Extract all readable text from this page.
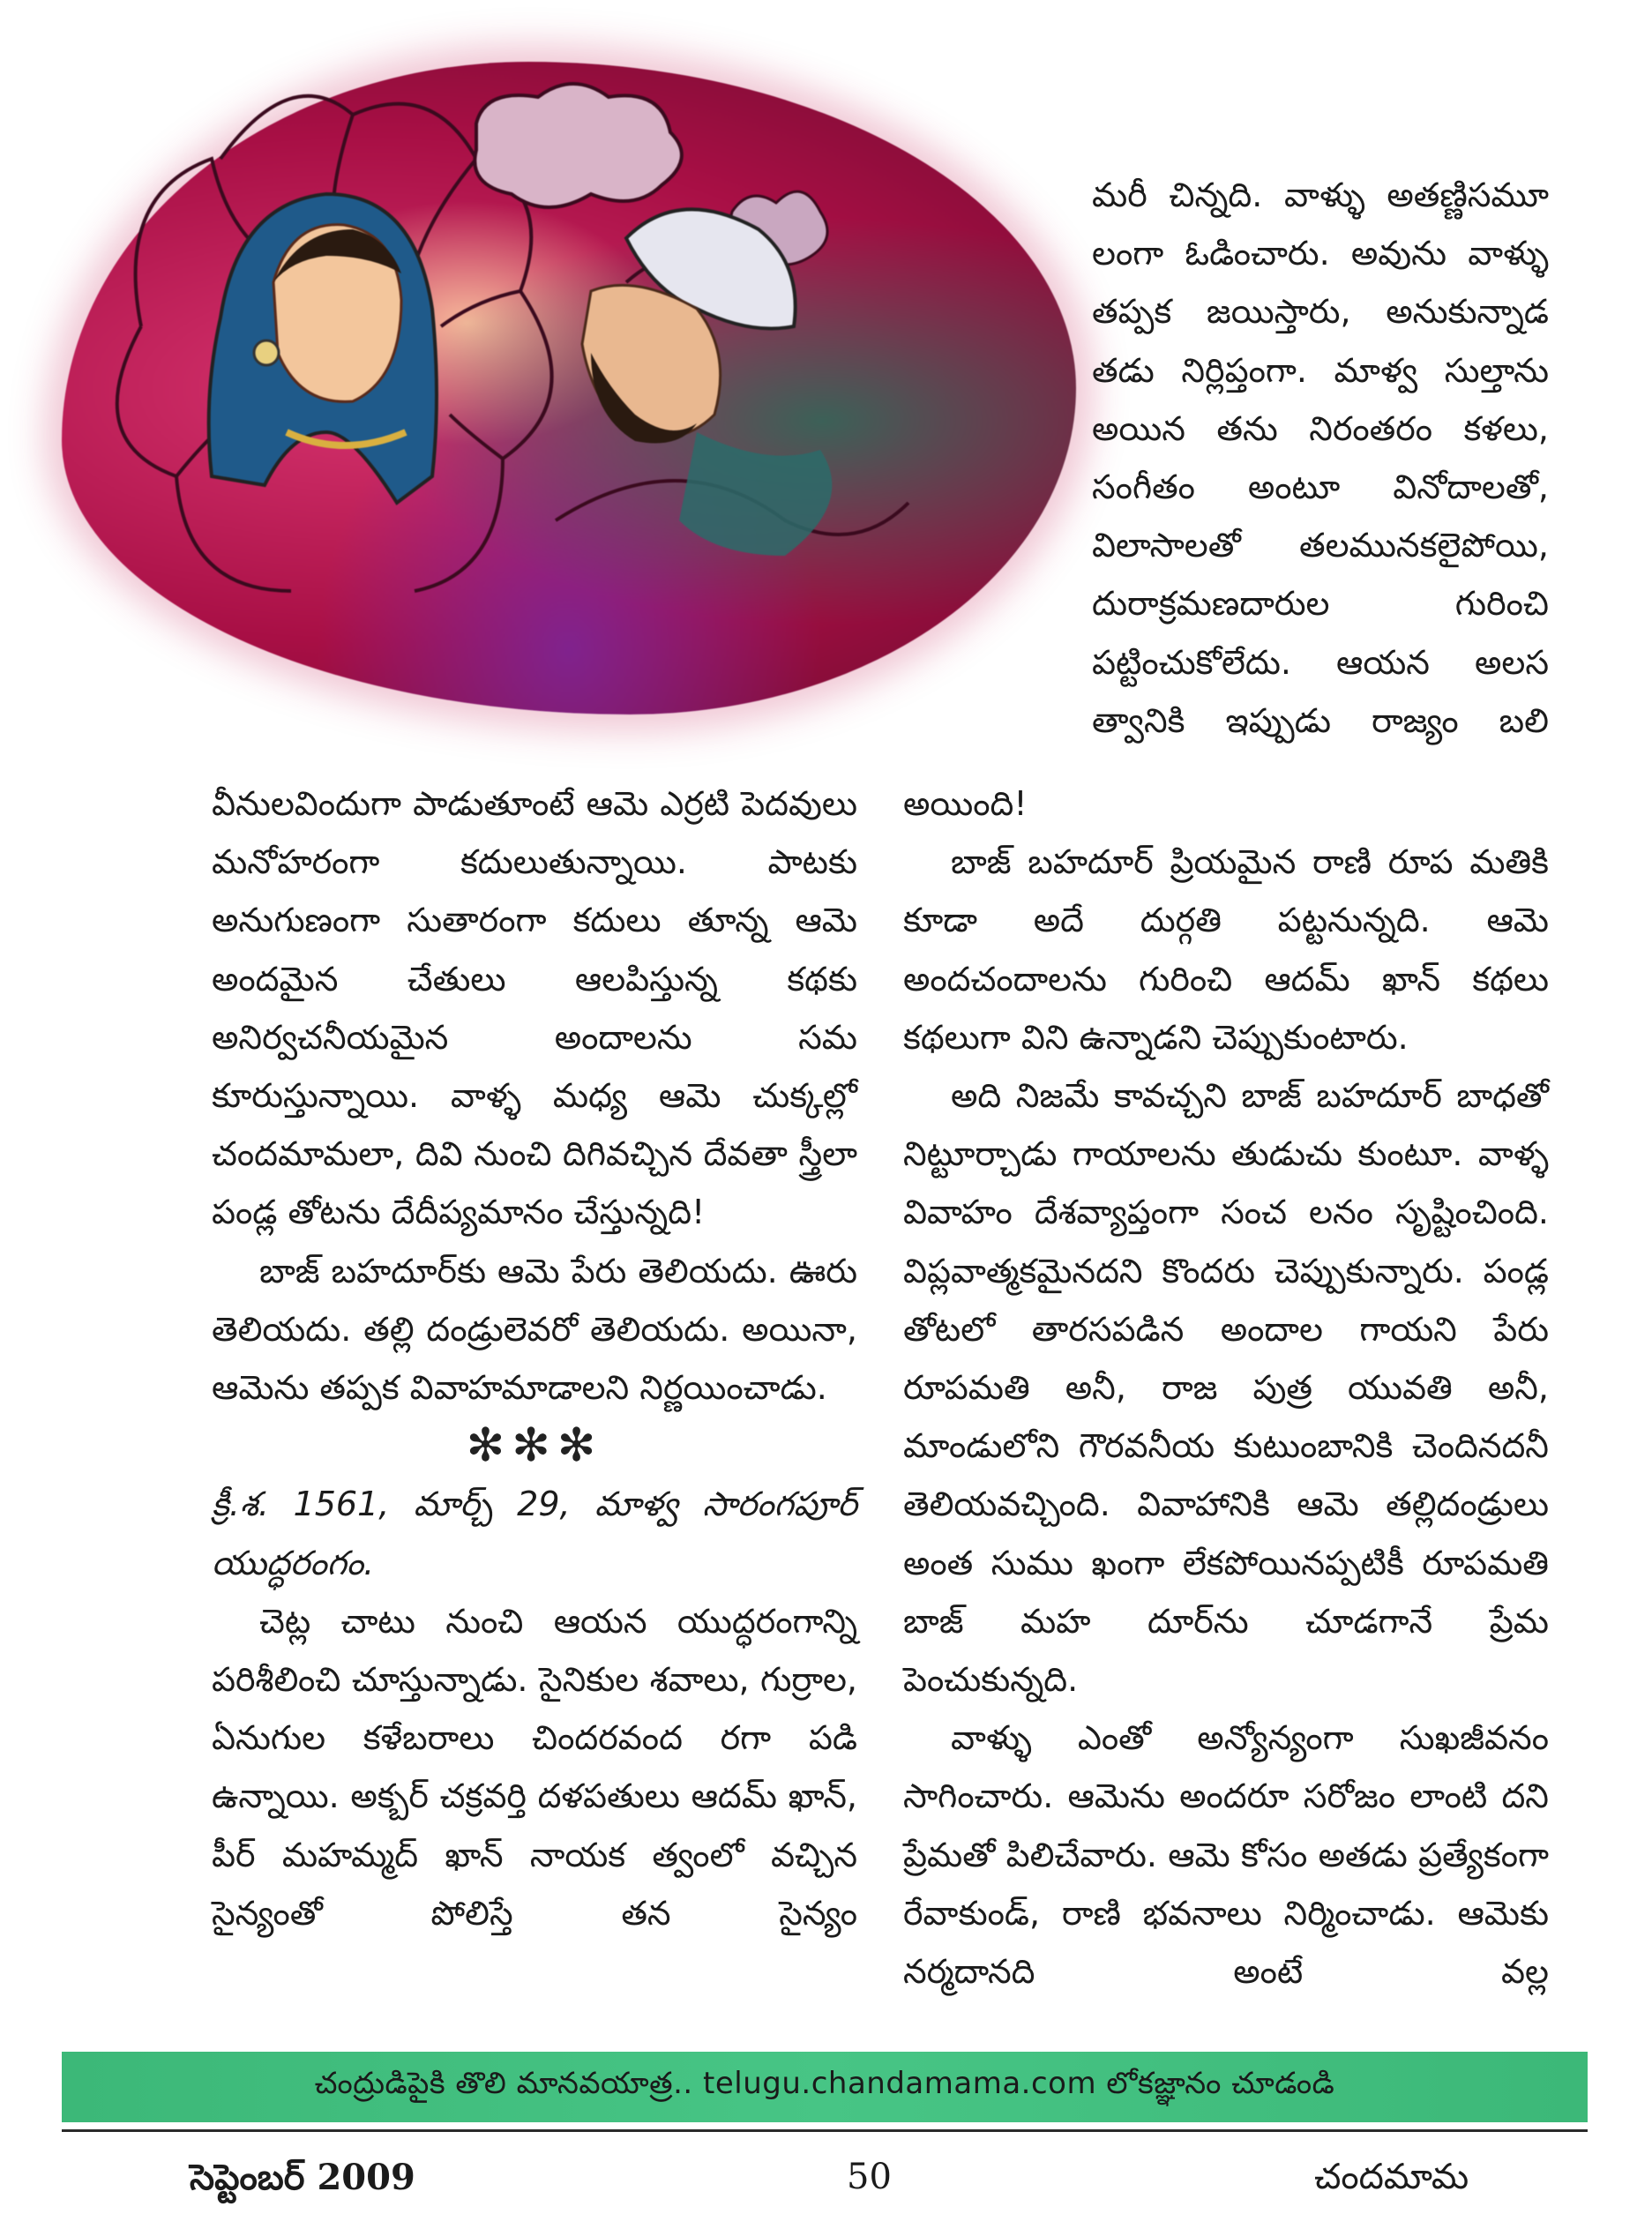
మరీ చిన్నది. వాళ్ళు అతణ్ణిసమూ
లంగా ఓడించారు. అవును వాళ్ళు
తప్పక జయిస్తారు, అనుకున్నాడ
తడు నిర్లిప్తంగా. మాళ్వ సుల్తాను
అయిన తను నిరంతరం కళలు,
సంగీతం అంటూ వినోదాలతో,
విలాసాలతో తలమునకలైపోయి,
దురాక్రమణదారుల గురించి
పట్టించుకోలేదు. ఆయన అలస
త్వానికి ఇప్పుడు రాజ్యం బలి

వీనులవిందుగా పాడుతూంటే ఆమె ఎర్రటి పెదవులు మనోహరంగా కదులుతున్నాయి. పాటకు అనుగుణంగా సుతారంగా కదులు తూన్న ఆమె అందమైన చేతులు ఆలపిస్తున్న కథకు అనిర్వచనీయమైన అందాలను సమ కూరుస్తున్నాయి. వాళ్ళ మధ్య ఆమె చుక్కల్లో చందమామలా, దివి నుంచి దిగివచ్చిన దేవతా స్త్రీలా పండ్ల తోటను దేదీప్యమానం చేస్తున్నది!

బాజ్ బహదూర్‌కు ఆమె పేరు తెలియదు. ఊరు తెలియదు. తల్లి దండ్రులెవరో తెలియదు. అయినా, ఆమెను తప్పక వివాహమాడాలని నిర్ణయించాడు.

✻✻✻

క్రీ.శ. 1561, మార్చ్ 29, మాళ్వ సారంగపూర్ యుద్ధరంగం.

చెట్ల చాటు నుంచి ఆయన యుద్ధరంగాన్ని పరిశీలించి చూస్తున్నాడు. సైనికుల శవాలు, గుర్రాల, ఏనుగుల కళేబరాలు చిందరవంద రగా పడి ఉన్నాయి. అక్బర్ చక్రవర్తి దళపతులు ఆదమ్ ఖాన్, పీర్ మహమ్మద్ ఖాన్ నాయక త్వంలో వచ్చిన సైన్యంతో పోలిస్తే తన సైన్యం

అయింది!

బాజ్ బహదూర్ ప్రియమైన రాణి రూప మతికి కూడా అదే దుర్గతి పట్టనున్నది. ఆమె అందచందాలను గురించి ఆదమ్ ఖాన్ కథలు కథలుగా విని ఉన్నాడని చెప్పుకుంటారు.

అది నిజమే కావచ్చని బాజ్ బహదూర్ బాధతో నిట్టూర్చాడు గాయాలను తుడుచు కుంటూ. వాళ్ళ వివాహం దేశవ్యాప్తంగా సంచ లనం సృష్టించింది. విప్లవాత్మకమైనదని కొందరు చెప్పుకున్నారు. పండ్ల తోటలో తారసపడిన అందాల గాయని పేరు రూపమతి అనీ, రాజ పుత్ర యువతి అనీ, మాండులోని గౌరవనీయ కుటుంబానికి చెందినదనీ తెలియవచ్చింది. వివాహానికి ఆమె తల్లిదండ్రులు అంత సుము ఖంగా లేకపోయినప్పటికీ రూపమతి బాజ్ మహ దూర్‌ను చూడగానే ప్రేమ పెంచుకున్నది.

వాళ్ళు ఎంతో అన్యోన్యంగా సుఖజీవనం సాగించారు. ఆమెను అందరూ సరోజం లాంటి దని ప్రేమతో పిలిచేవారు. ఆమె కోసం అతడు ప్రత్యేకంగా రేవాకుండ్, రాణి భవనాలు నిర్మించాడు. ఆమెకు నర్మదానది అంటే వల్ల

చంద్రుడిపైకి తొలి మానవయాత్ర.. telugu.chandamama.com లోకజ్ఞానం చూడండి
సెప్టెంబర్ 2009	50	చందమామ
